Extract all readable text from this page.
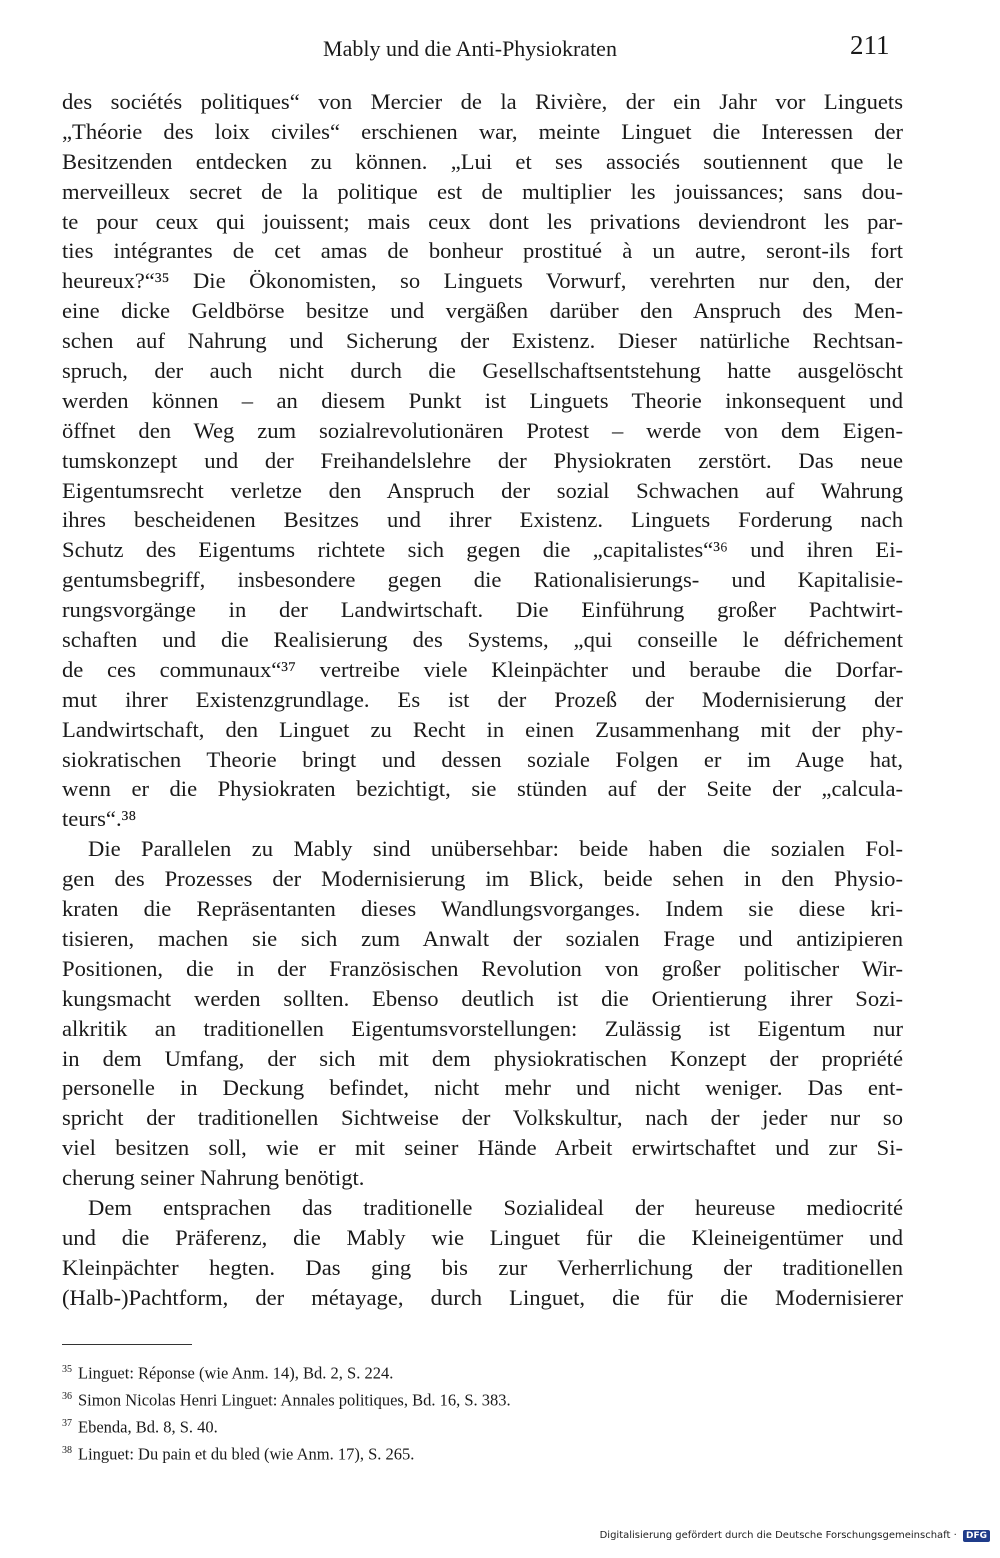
Mably und die Anti-Physiokraten	211
des sociétés politiques“ von Mercier de la Rivière, der ein Jahr vor Linguets
„Théorie des loix civiles“ erschienen war, meinte Linguet die Interessen der
Besitzenden entdecken zu können. „Lui et ses associés soutiennent que le
merveilleux secret de la politique est de multiplier les jouissances; sans dou-
te pour ceux qui jouissent; mais ceux dont les privations deviendront les par-
ties intégrantes de cet amas de bonheur prostitué à un autre, seront-ils fort
heureux?“³⁵ Die Ökonomisten, so Linguets Vorwurf, verehrten nur den, der
eine dicke Geldbörse besitze und vergäßen darüber den Anspruch des Men-
schen auf Nahrung und Sicherung der Existenz. Dieser natürliche Rechtsan-
spruch, der auch nicht durch die Gesellschaftsentstehung hatte ausgelöscht
werden können – an diesem Punkt ist Linguets Theorie inkonsequent und
öffnet den Weg zum sozialrevolutionären Protest – werde von dem Eigen-
tumskonzept und der Freihandelslehre der Physiokraten zerstört. Das neue
Eigentumsrecht verletze den Anspruch der sozial Schwachen auf Wahrung
ihres bescheidenen Besitzes und ihrer Existenz. Linguets Forderung nach
Schutz des Eigentums richtete sich gegen die „capitalistes“³⁶ und ihren Ei-
gentumsbegriff, insbesondere gegen die Rationalisierungs- und Kapitalisie-
rungsvorgänge in der Landwirtschaft. Die Einführung großer Pachtwirt-
schaften und die Realisierung des Systems, „qui conseille le défrichement
de ces communaux“³⁷ vertreibe viele Kleinpächter und beraube die Dorfar-
mut ihrer Existenzgrundlage. Es ist der Prozeß der Modernisierung der
Landwirtschaft, den Linguet zu Recht in einen Zusammenhang mit der phy-
siokratischen Theorie bringt und dessen soziale Folgen er im Auge hat,
wenn er die Physiokraten bezichtigt, sie stünden auf der Seite der „calcula-
teurs“.³⁸
Die Parallelen zu Mably sind unübersehbar: beide haben die sozialen Fol-
gen des Prozesses der Modernisierung im Blick, beide sehen in den Physio-
kraten die Repräsentanten dieses Wandlungsvorganges. Indem sie diese kri-
tisieren, machen sie sich zum Anwalt der sozialen Frage und antizipieren
Positionen, die in der Französischen Revolution von großer politischer Wir-
kungsmacht werden sollten. Ebenso deutlich ist die Orientierung ihrer Sozi-
alkritik an traditionellen Eigentumsvorstellungen: Zulässig ist Eigentum nur
in dem Umfang, der sich mit dem physiokratischen Konzept der propriété
personelle in Deckung befindet, nicht mehr und nicht weniger. Das ent-
spricht der traditionellen Sichtweise der Volkskultur, nach der jeder nur so
viel besitzen soll, wie er mit seiner Hände Arbeit erwirtschaftet und zur Si-
cherung seiner Nahrung benötigt.
Dem entsprachen das traditionelle Sozialideal der heureuse mediocrité
und die Präferenz, die Mably wie Linguet für die Kleineigentümer und
Kleinpächter hegten. Das ging bis zur Verherrlichung der traditionellen
(Halb-)Pachtform, der métayage, durch Linguet, die für die Modernisierer
$^{35}$ Linguet: Réponse (wie Anm. 14), Bd. 2, S. 224.
$^{36}$ Simon Nicolas Henri Linguet: Annales politiques, Bd. 16, S. 383.
$^{37}$ Ebenda, Bd. 8, S. 40.
$^{38}$ Linguet: Du pain et du bled (wie Anm. 17), S. 265.
Digitalisierung gefördert durch die Deutsche Forschungsgemeinschaft · DFG
